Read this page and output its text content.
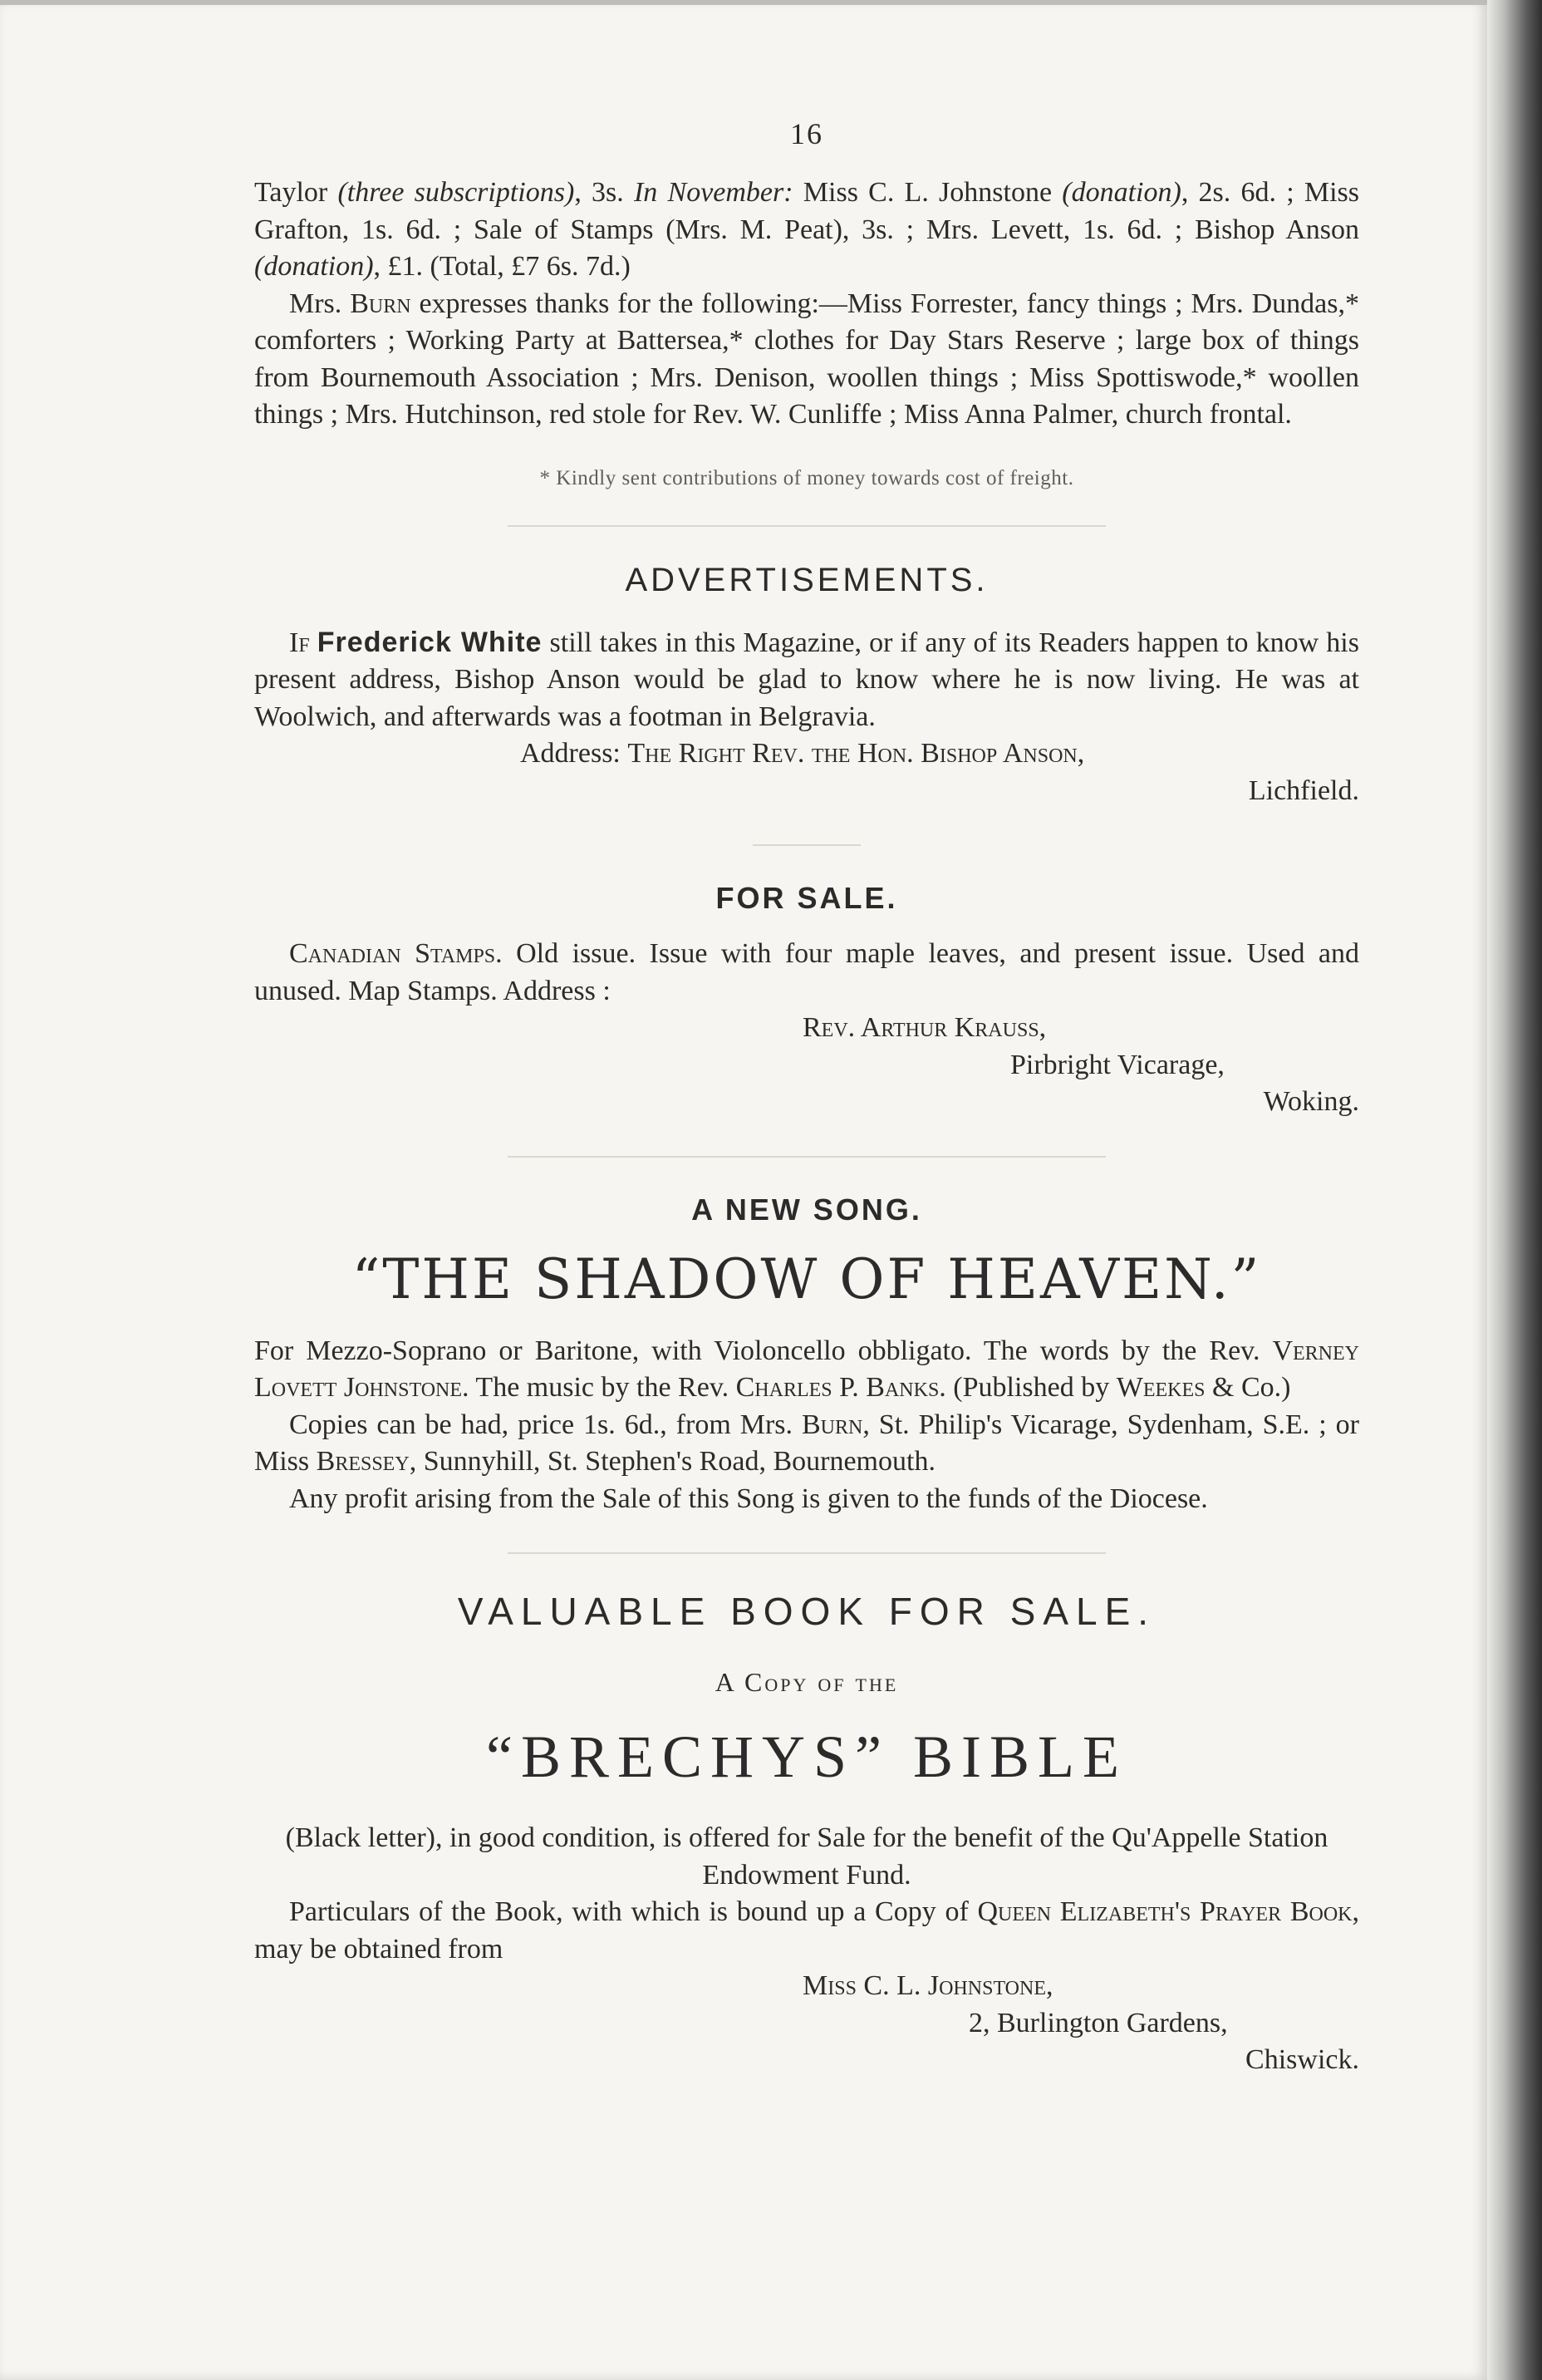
16

Taylor (three subscriptions), 3s. In November: Miss C. L. Johnstone (donation), 2s. 6d. ; Miss Grafton, 1s. 6d. ; Sale of Stamps (Mrs. M. Peat), 3s. ; Mrs. Levett, 1s. 6d. ; Bishop Anson (donation), £1. (Total, £7 6s. 7d.)

Mrs. Burn expresses thanks for the following:—Miss Forrester, fancy things ; Mrs. Dundas,* comforters ; Working Party at Battersea,* clothes for Day Stars Reserve ; large box of things from Bournemouth Association ; Mrs. Denison, woollen things ; Miss Spottiswode,* woollen things ; Mrs. Hutchinson, red stole for Rev. W. Cunliffe ; Miss Anna Palmer, church frontal.

* Kindly sent contributions of money towards cost of freight.
ADVERTISEMENTS.

If Frederick White still takes in this Magazine, or if any of its Readers happen to know his present address, Bishop Anson would be glad to know where he is now living. He was at Woolwich, and afterwards was a footman in Belgravia.

Address: The Right Rev. the Hon. Bishop Anson,
Lichfield.
FOR SALE.

Canadian Stamps. Old issue. Issue with four maple leaves, and present issue. Used and unused. Map Stamps. Address :

Rev. Arthur Krauss,
Pirbright Vicarage,
Woking.
A NEW SONG.
“THE SHADOW OF HEAVEN.”

For Mezzo-Soprano or Baritone, with Violoncello obbligato. The words by the Rev. Verney Lovett Johnstone. The music by the Rev. Charles P. Banks. (Published by Weekes & Co.)

Copies can be had, price 1s. 6d., from Mrs. Burn, St. Philip's Vicarage, Sydenham, S.E. ; or Miss Bressey, Sunnyhill, St. Stephen's Road, Bournemouth.

Any profit arising from the Sale of this Song is given to the funds of the Diocese.

VALUABLE BOOK FOR SALE.
A Copy of the
“BRECHYS” BIBLE

(Black letter), in good condition, is offered for Sale for the benefit of the Qu'Appelle Station Endowment Fund.

Particulars of the Book, with which is bound up a Copy of Queen Elizabeth's Prayer Book, may be obtained from

Miss C. L. Johnstone,
2, Burlington Gardens,
Chiswick.
